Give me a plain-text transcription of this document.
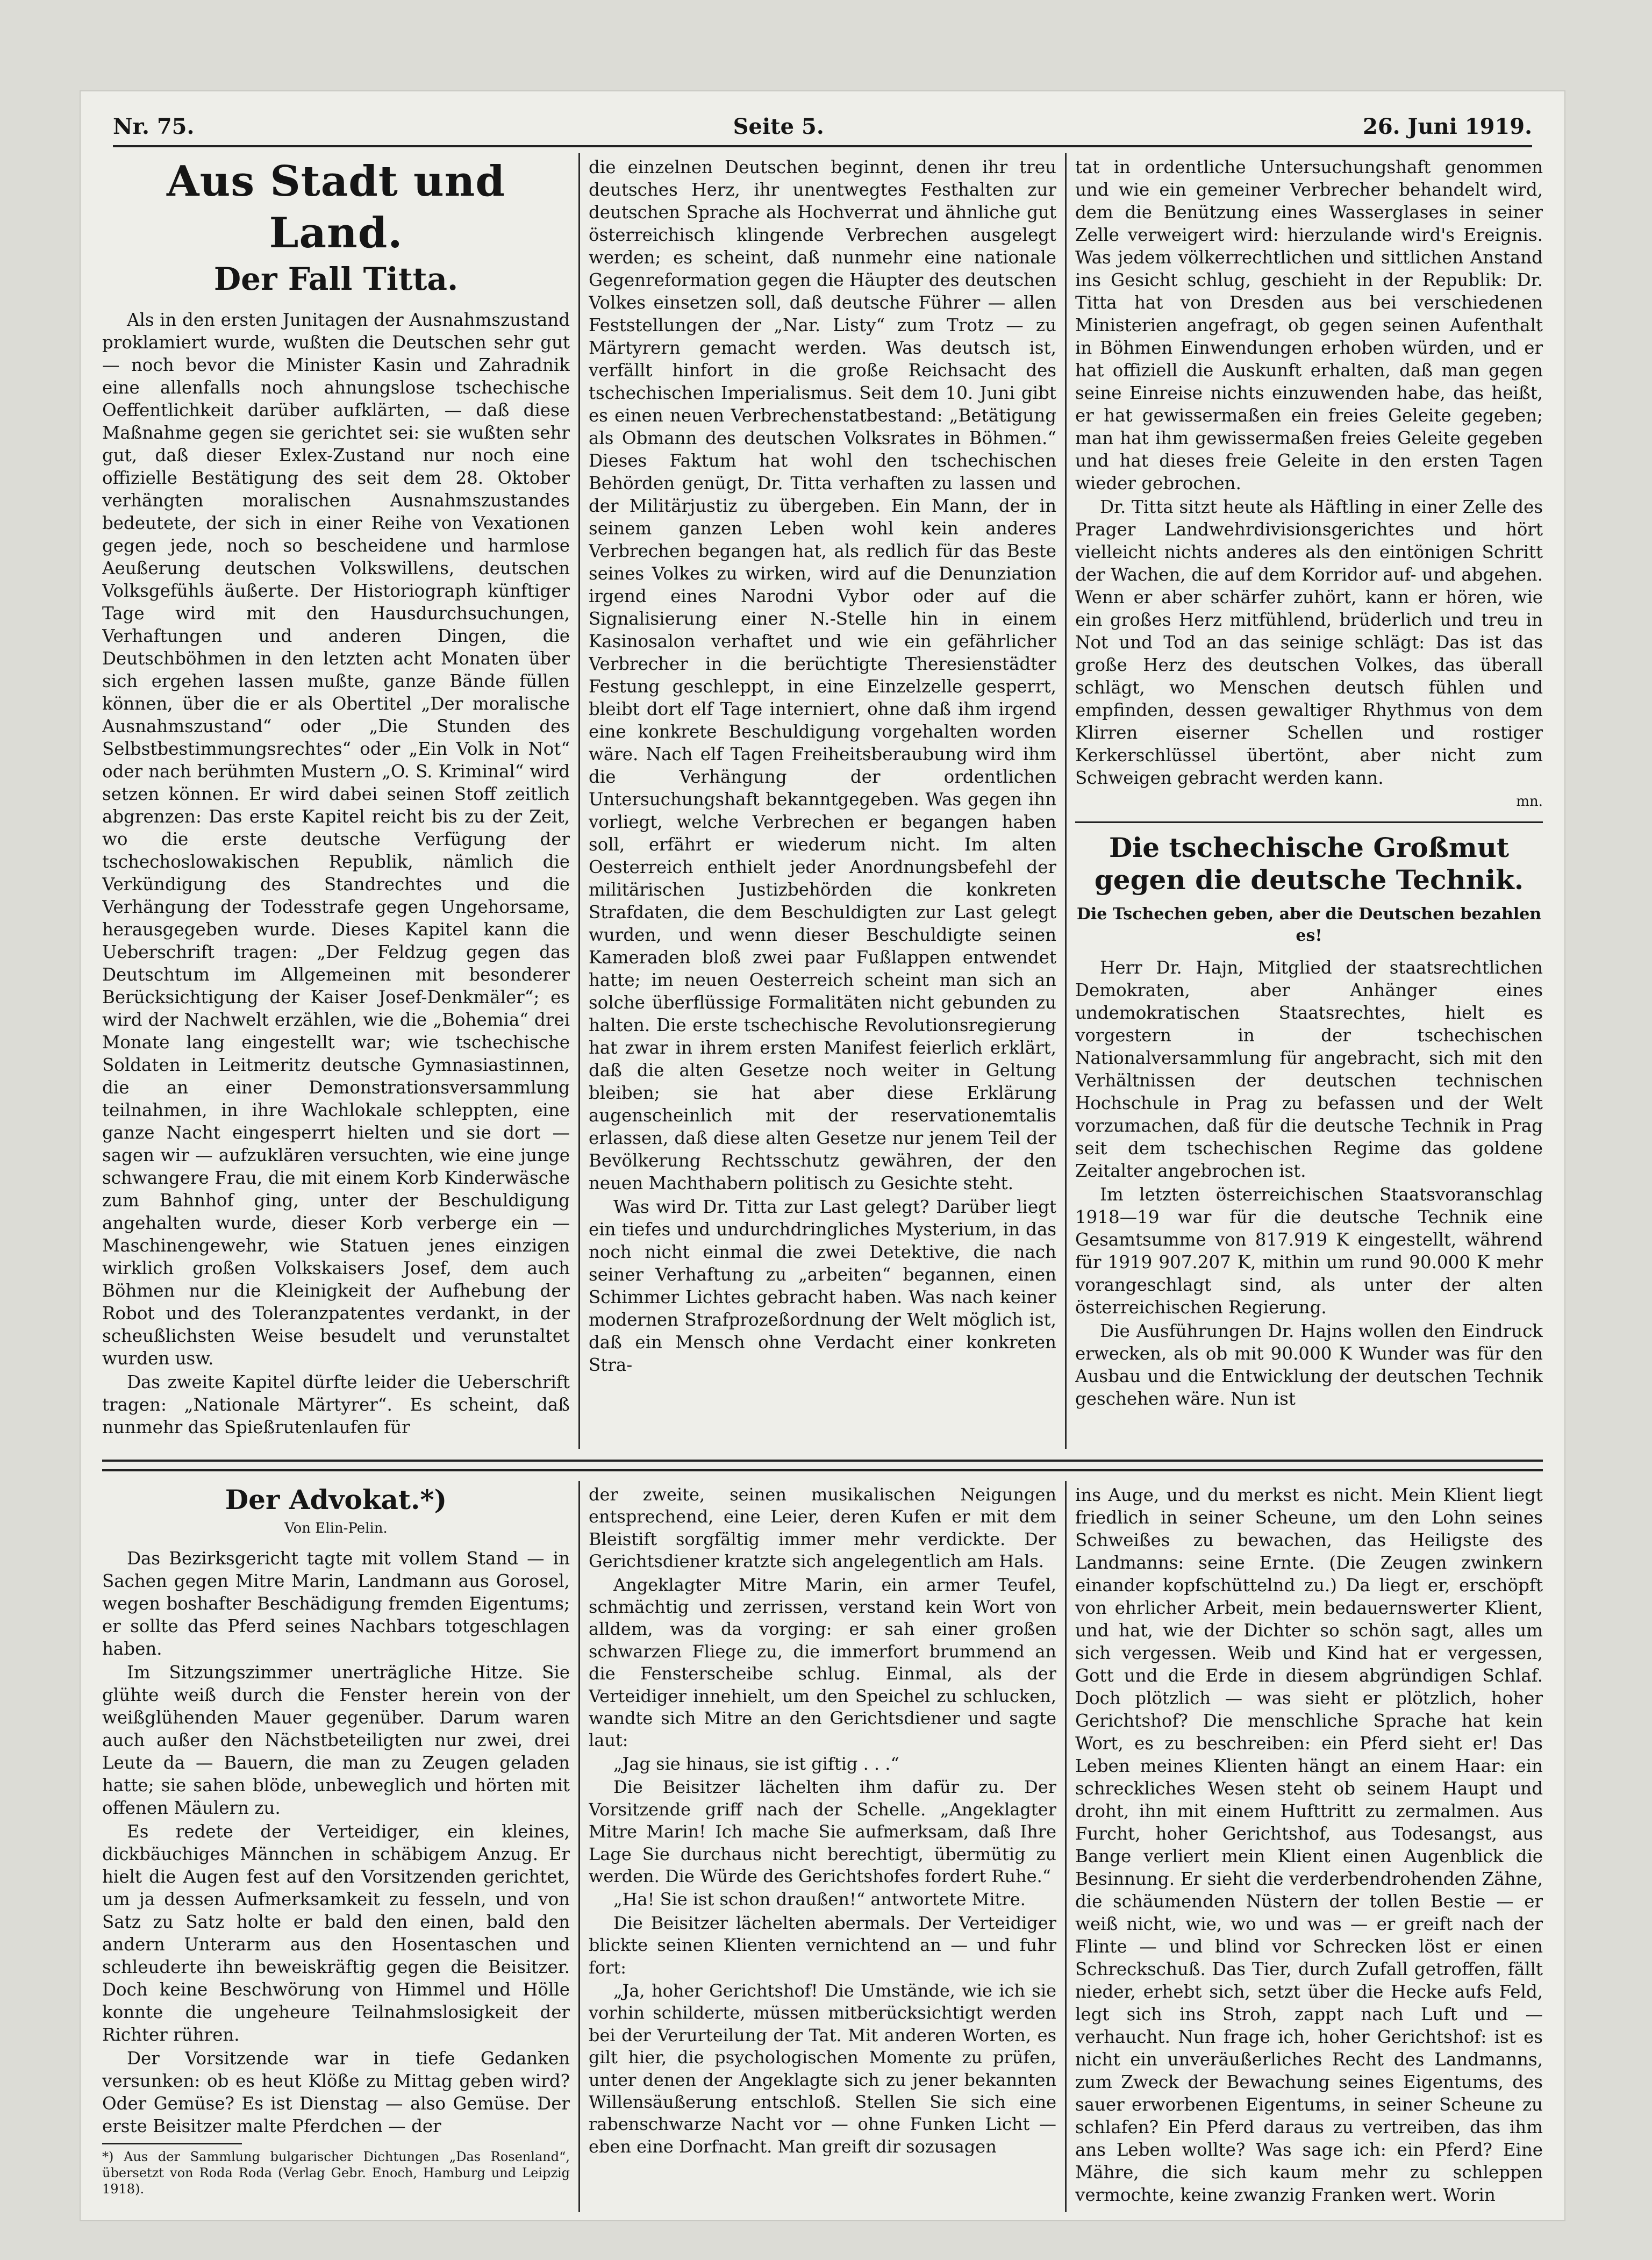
Nr. 75.	Seite 5.	26. Juni 1919.
Aus Stadt und Land.
Der Fall Titta.

Als in den ersten Junitagen der Ausnahmszustand proklamiert wurde, wußten die Deutschen sehr gut — noch bevor die Minister Kasin und Zahradnik eine allenfalls noch ahnungslose tschechische Oeffentlichkeit darüber aufklärten, — daß diese Maßnahme gegen sie gerichtet sei: sie wußten sehr gut, daß dieser Exlex-Zustand nur noch eine offizielle Bestätigung des seit dem 28. Oktober verhängten moralischen Ausnahmszustandes bedeutete, der sich in einer Reihe von Vexationen gegen jede, noch so bescheidene und harmlose Aeußerung deutschen Volkswillens, deutschen Volksgefühls äußerte. Der Historiograph künftiger Tage wird mit den Hausdurchsuchungen, Verhaftungen und anderen Dingen, die Deutschböhmen in den letzten acht Monaten über sich ergehen lassen mußte, ganze Bände füllen können, über die er als Obertitel „Der moralische Ausnahmszustand“ oder „Die Stunden des Selbstbestimmungsrechtes“ oder „Ein Volk in Not“ oder nach berühmten Mustern „O. S. Kriminal“ wird setzen können. Er wird dabei seinen Stoff zeitlich abgrenzen: Das erste Kapitel reicht bis zu der Zeit, wo die erste deutsche Verfügung der tschechoslowakischen Republik, nämlich die Verkündigung des Standrechtes und die Verhängung der Todesstrafe gegen Ungehorsame, herausgegeben wurde. Dieses Kapitel kann die Ueberschrift tragen: „Der Feldzug gegen das Deutschtum im Allgemeinen mit besonderer Berücksichtigung der Kaiser Josef-Denkmäler“; es wird der Nachwelt erzählen, wie die „Bohemia“ drei Monate lang eingestellt war; wie tschechische Soldaten in Leitmeritz deutsche Gymnasiastinnen, die an einer Demonstrationsversammlung teilnahmen, in ihre Wachlokale schleppten, eine ganze Nacht eingesperrt hielten und sie dort — sagen wir — aufzuklären versuchten, wie eine junge schwangere Frau, die mit einem Korb Kinderwäsche zum Bahnhof ging, unter der Beschuldigung angehalten wurde, dieser Korb verberge ein — Maschinengewehr, wie Statuen jenes einzigen wirklich großen Volkskaisers Josef, dem auch Böhmen nur die Kleinigkeit der Aufhebung der Robot und des Toleranzpatentes verdankt, in der scheußlichsten Weise besudelt und verunstaltet wurden usw.

Das zweite Kapitel dürfte leider die Ueberschrift tragen: „Nationale Märtyrer“. Es scheint, daß nunmehr das Spießrutenlaufen für

die einzelnen Deutschen beginnt, denen ihr treu deutsches Herz, ihr unentwegtes Festhalten zur deutschen Sprache als Hochverrat und ähnliche gut österreichisch klingende Verbrechen ausgelegt werden; es scheint, daß nunmehr eine nationale Gegenreformation gegen die Häupter des deutschen Volkes einsetzen soll, daß deutsche Führer — allen Feststellungen der „Nar. Listy“ zum Trotz — zu Märtyrern gemacht werden. Was deutsch ist, verfällt hinfort in die große Reichsacht des tschechischen Imperialismus. Seit dem 10. Juni gibt es einen neuen Verbrechenstatbestand: „Betätigung als Obmann des deutschen Volksrates in Böhmen.“ Dieses Faktum hat wohl den tschechischen Behörden genügt, Dr. Titta verhaften zu lassen und der Militärjustiz zu übergeben. Ein Mann, der in seinem ganzen Leben wohl kein anderes Verbrechen begangen hat, als redlich für das Beste seines Volkes zu wirken, wird auf die Denunziation irgend eines Narodni Vybor oder auf die Signalisierung einer N.-Stelle hin in einem Kasinosalon verhaftet und wie ein gefährlicher Verbrecher in die berüchtigte Theresienstädter Festung geschleppt, in eine Einzelzelle gesperrt, bleibt dort elf Tage interniert, ohne daß ihm irgend eine konkrete Beschuldigung vorgehalten worden wäre. Nach elf Tagen Freiheitsberaubung wird ihm die Verhängung der ordentlichen Untersuchungshaft bekanntgegeben. Was gegen ihn vorliegt, welche Verbrechen er begangen haben soll, erfährt er wiederum nicht. Im alten Oesterreich enthielt jeder Anordnungsbefehl der militärischen Justizbehörden die konkreten Strafdaten, die dem Beschuldigten zur Last gelegt wurden, und wenn dieser Beschuldigte seinen Kameraden bloß zwei paar Fußlappen entwendet hatte; im neuen Oesterreich scheint man sich an solche überflüssige Formalitäten nicht gebunden zu halten. Die erste tschechische Revolutionsregierung hat zwar in ihrem ersten Manifest feierlich erklärt, daß die alten Gesetze noch weiter in Geltung bleiben; sie hat aber diese Erklärung augenscheinlich mit der reservationemtalis erlassen, daß diese alten Gesetze nur jenem Teil der Bevölkerung Rechtsschutz gewähren, der den neuen Machthabern politisch zu Gesichte steht.

Was wird Dr. Titta zur Last gelegt? Darüber liegt ein tiefes und undurchdringliches Mysterium, in das noch nicht einmal die zwei Detektive, die nach seiner Verhaftung zu „arbeiten“ begannen, einen Schimmer Lichtes gebracht haben. Was nach keiner modernen Strafprozeßordnung der Welt möglich ist, daß ein Mensch ohne Verdacht einer konkreten Stra-

tat in ordentliche Untersuchungshaft genommen und wie ein gemeiner Verbrecher behandelt wird, dem die Benützung eines Wasserglases in seiner Zelle verweigert wird: hierzulande wird's Ereignis. Was jedem völkerrechtlichen und sittlichen Anstand ins Gesicht schlug, geschieht in der Republik: Dr. Titta hat von Dresden aus bei verschiedenen Ministerien angefragt, ob gegen seinen Aufenthalt in Böhmen Einwendungen erhoben würden, und er hat offiziell die Auskunft erhalten, daß man gegen seine Einreise nichts einzuwenden habe, das heißt, er hat gewissermaßen ein freies Geleite gegeben; man hat ihm gewissermaßen freies Geleite gegeben und hat dieses freie Geleite in den ersten Tagen wieder gebrochen.

Dr. Titta sitzt heute als Häftling in einer Zelle des Prager Landwehrdivisionsgerichtes und hört vielleicht nichts anderes als den eintönigen Schritt der Wachen, die auf dem Korridor auf- und abgehen. Wenn er aber schärfer zuhört, kann er hören, wie ein großes Herz mitfühlend, brüderlich und treu in Not und Tod an das seinige schlägt: Das ist das große Herz des deutschen Volkes, das überall schlägt, wo Menschen deutsch fühlen und empfinden, dessen gewaltiger Rhythmus von dem Klirren eiserner Schellen und rostiger Kerkerschlüssel übertönt, aber nicht zum Schweigen gebracht werden kann.

mn.
Die tschechische Großmut gegen die deutsche Technik.
Die Tschechen geben, aber die Deutschen bezahlen es!

Herr Dr. Hajn, Mitglied der staatsrechtlichen Demokraten, aber Anhänger eines undemokratischen Staatsrechtes, hielt es vorgestern in der tschechischen Nationalversammlung für angebracht, sich mit den Verhältnissen der deutschen technischen Hochschule in Prag zu befassen und der Welt vorzumachen, daß für die deutsche Technik in Prag seit dem tschechischen Regime das goldene Zeitalter angebrochen ist.

Im letzten österreichischen Staatsvoranschlag 1918—19 war für die deutsche Technik eine Gesamtsumme von 817.919 K eingestellt, während für 1919 907.207 K, mithin um rund 90.000 K mehr vorangeschlagt sind, als unter der alten österreichischen Regierung.

Die Ausführungen Dr. Hajns wollen den Eindruck erwecken, als ob mit 90.000 K Wunder was für den Ausbau und die Entwicklung der deutschen Technik geschehen wäre. Nun ist

Der Advokat.*)
Von Elin-Pelin.

Das Bezirksgericht tagte mit vollem Stand — in Sachen gegen Mitre Marin, Landmann aus Gorosel, wegen boshafter Beschädigung fremden Eigentums; er sollte das Pferd seines Nachbars totgeschlagen haben.

Im Sitzungszimmer unerträgliche Hitze. Sie glühte weiß durch die Fenster herein von der weißglühenden Mauer gegenüber. Darum waren auch außer den Nächstbeteiligten nur zwei, drei Leute da — Bauern, die man zu Zeugen geladen hatte; sie sahen blöde, unbeweglich und hörten mit offenen Mäulern zu.

Es redete der Verteidiger, ein kleines, dickbäuchiges Männchen in schäbigem Anzug. Er hielt die Augen fest auf den Vorsitzenden gerichtet, um ja dessen Aufmerksamkeit zu fesseln, und von Satz zu Satz holte er bald den einen, bald den andern Unterarm aus den Hosentaschen und schleuderte ihn beweiskräftig gegen die Beisitzer. Doch keine Beschwörung von Himmel und Hölle konnte die ungeheure Teilnahmslosigkeit der Richter rühren.

Der Vorsitzende war in tiefe Gedanken versunken: ob es heut Klöße zu Mittag geben wird? Oder Gemüse? Es ist Dienstag — also Gemüse. Der erste Beisitzer malte Pferdchen — der

*) Aus der Sammlung bulgarischer Dichtungen „Das Rosenland“, übersetzt von Roda Roda (Verlag Gebr. Enoch, Hamburg und Leipzig 1918).

der zweite, seinen musikalischen Neigungen entsprechend, eine Leier, deren Kufen er mit dem Bleistift sorgfältig immer mehr verdickte. Der Gerichtsdiener kratzte sich angelegentlich am Hals.

Angeklagter Mitre Marin, ein armer Teufel, schmächtig und zerrissen, verstand kein Wort von alldem, was da vorging: er sah einer großen schwarzen Fliege zu, die immerfort brummend an die Fensterscheibe schlug. Einmal, als der Verteidiger innehielt, um den Speichel zu schlucken, wandte sich Mitre an den Gerichtsdiener und sagte laut:

„Jag sie hinaus, sie ist giftig . . .“

Die Beisitzer lächelten ihm dafür zu. Der Vorsitzende griff nach der Schelle. „Angeklagter Mitre Marin! Ich mache Sie aufmerksam, daß Ihre Lage Sie durchaus nicht berechtigt, übermütig zu werden. Die Würde des Gerichtshofes fordert Ruhe.“

„Ha! Sie ist schon draußen!“ antwortete Mitre.

Die Beisitzer lächelten abermals. Der Verteidiger blickte seinen Klienten vernichtend an — und fuhr fort:

„Ja, hoher Gerichtshof! Die Umstände, wie ich sie vorhin schilderte, müssen mitberücksichtigt werden bei der Verurteilung der Tat. Mit anderen Worten, es gilt hier, die psychologischen Momente zu prüfen, unter denen der Angeklagte sich zu jener bekannten Willensäußerung entschloß. Stellen Sie sich eine rabenschwarze Nacht vor — ohne Funken Licht — eben eine Dorfnacht. Man greift dir sozusagen

ins Auge, und du merkst es nicht. Mein Klient liegt friedlich in seiner Scheune, um den Lohn seines Schweißes zu bewachen, das Heiligste des Landmanns: seine Ernte. (Die Zeugen zwinkern einander kopfschüttelnd zu.) Da liegt er, erschöpft von ehrlicher Arbeit, mein bedauernswerter Klient, und hat, wie der Dichter so schön sagt, alles um sich vergessen. Weib und Kind hat er vergessen, Gott und die Erde in diesem abgründigen Schlaf. Doch plötzlich — was sieht er plötzlich, hoher Gerichtshof? Die menschliche Sprache hat kein Wort, es zu beschreiben: ein Pferd sieht er! Das Leben meines Klienten hängt an einem Haar: ein schreckliches Wesen steht ob seinem Haupt und droht, ihn mit einem Hufttritt zu zermalmen. Aus Furcht, hoher Gerichtshof, aus Todesangst, aus Bange verliert mein Klient einen Augenblick die Besinnung. Er sieht die verderbendrohenden Zähne, die schäumenden Nüstern der tollen Bestie — er weiß nicht, wie, wo und was — er greift nach der Flinte — und blind vor Schrecken löst er einen Schreckschuß. Das Tier, durch Zufall getroffen, fällt nieder, erhebt sich, setzt über die Hecke aufs Feld, legt sich ins Stroh, zappt nach Luft und — verhaucht. Nun frage ich, hoher Gerichtshof: ist es nicht ein unveräußerliches Recht des Landmanns, zum Zweck der Bewachung seines Eigentums, des sauer erworbenen Eigentums, in seiner Scheune zu schlafen? Ein Pferd daraus zu vertreiben, das ihm ans Leben wollte? Was sage ich: ein Pferd? Eine Mähre, die sich kaum mehr zu schleppen vermochte, keine zwanzig Franken wert. Worin
